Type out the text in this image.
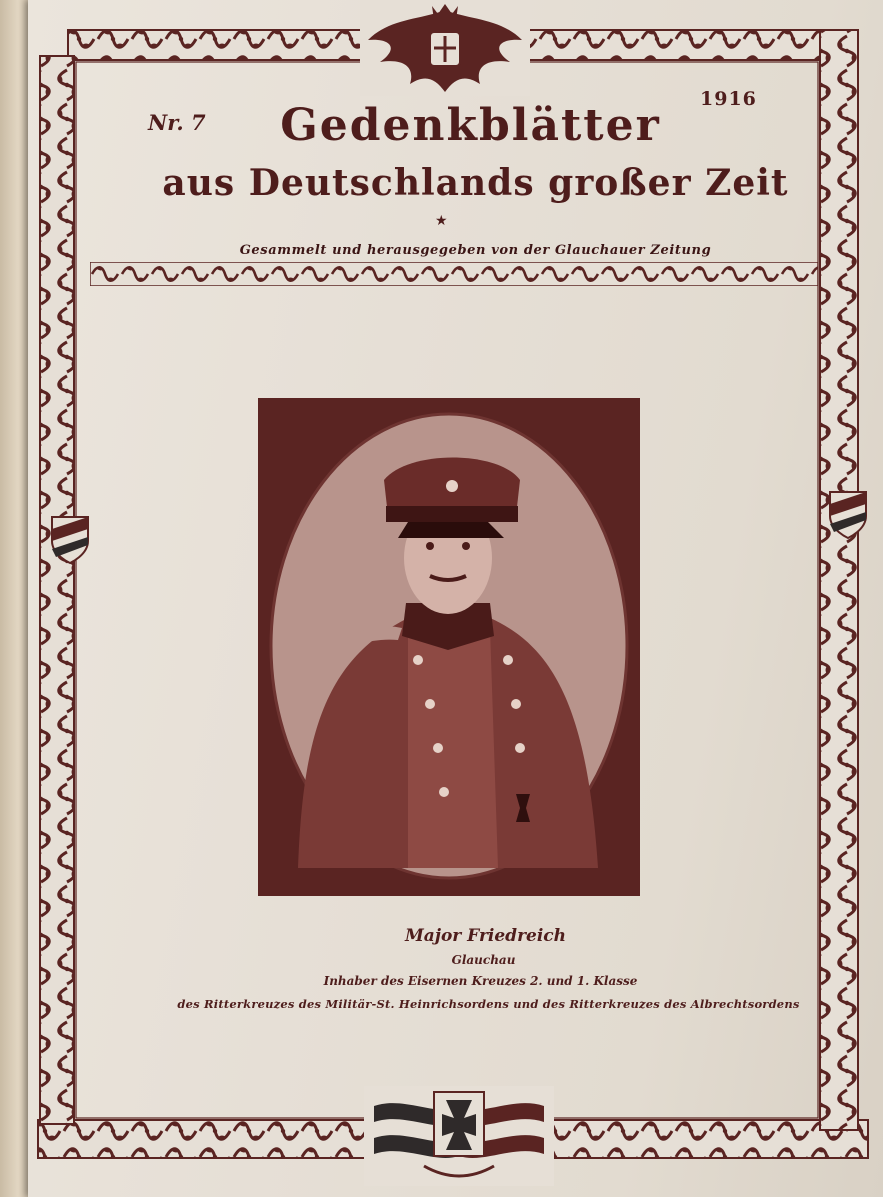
Nr. 7
1916
Gedenkblätter
aus Deutschlands großer Zeit
★
Gesammelt und herausgegeben von der Glauchauer Zeitung
Major Friedreich
Glauchau
Inhaber des Eisernen Kreuzes 2. und 1. Klasse
des Ritterkreuzes des Militär-St. Heinrichsordens und des Ritterkreuzes des Albrechtsordens
